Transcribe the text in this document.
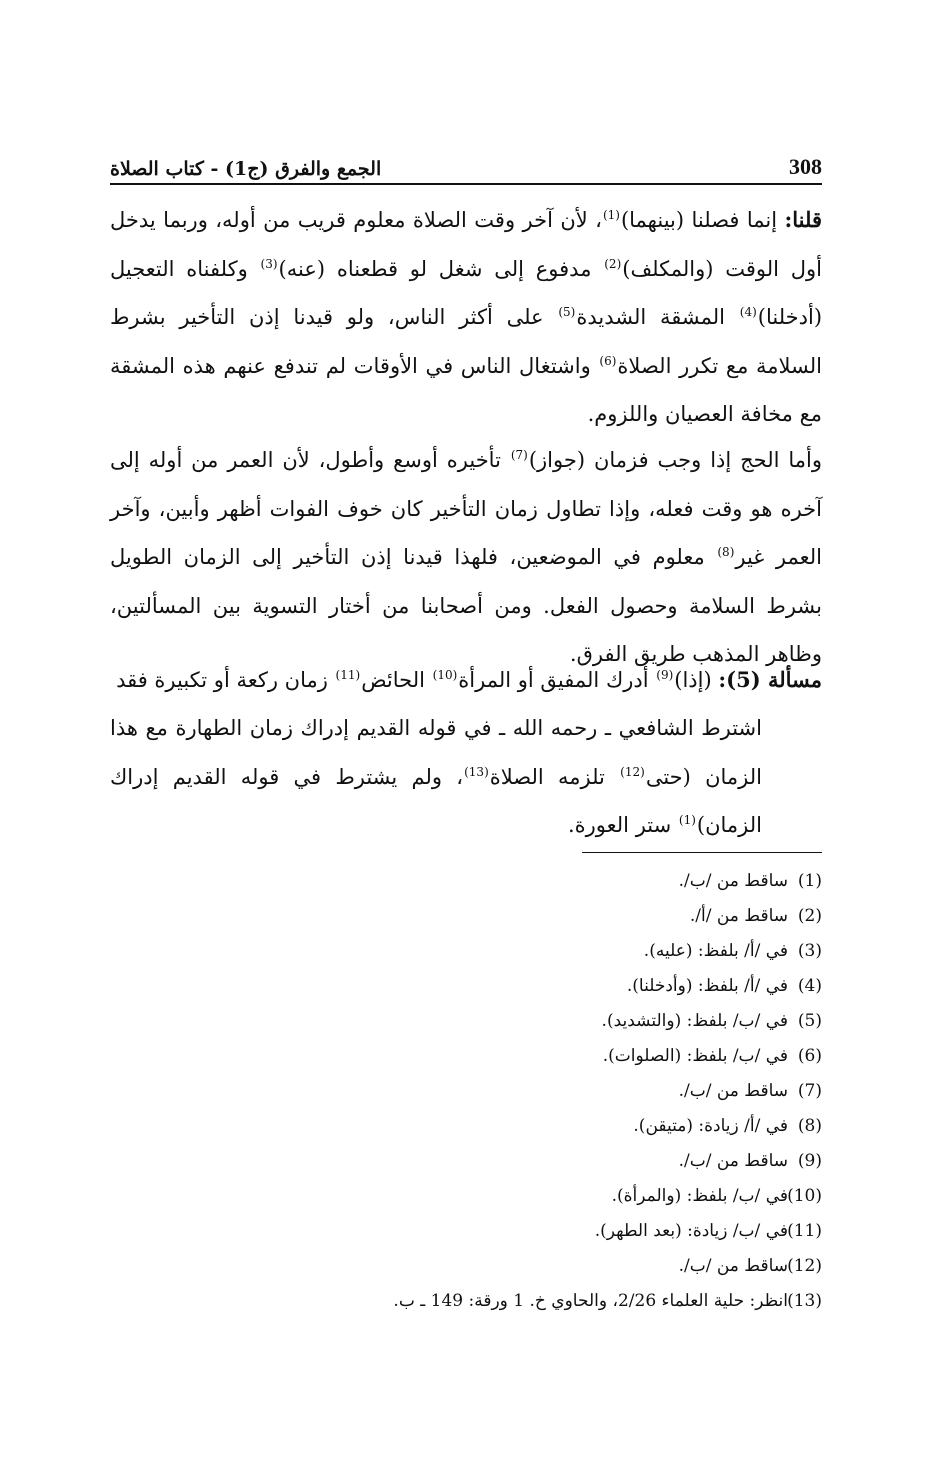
308
الجمع والفرق (ج1) - كتاب الصلاة
قلنا: إنما فصلنا (بينهما)$^{(1)}$، لأن آخر وقت الصلاة معلوم قريب من أوله، وربما يدخل أول الوقت (والمكلف)$^{(2)}$ مدفوع إلى شغل لو قطعناه (عنه)$^{(3)}$ وكلفناه التعجيل (أدخلنا)$^{(4)}$ المشقة الشديدة$^{(5)}$ على أكثر الناس، ولو قيدنا إذن التأخير بشرط السلامة مع تكرر الصلاة$^{(6)}$ واشتغال الناس في الأوقات لم تندفع عنهم هذه المشقة مع مخافة العصيان واللزوم.
وأما الحج إذا وجب فزمان (جواز)$^{(7)}$ تأخيره أوسع وأطول، لأن العمر من أوله إلى آخره هو وقت فعله، وإذا تطاول زمان التأخير كان خوف الفوات أظهر وأبين، وآخر العمر غير$^{(8)}$ معلوم في الموضعين، فلهذا قيدنا إذن التأخير إلى الزمان الطويل بشرط السلامة وحصول الفعل. ومن أصحابنا من أختار التسوية بين المسألتين، وظاهر المذهب طريق الفرق.
مسألة (5): (إذا)$^{(9)}$ أدرك المفيق أو المرأة$^{(10)}$ الحائض$^{(11)}$ زمان ركعة أو تكبيرة فقد
اشترط الشافعي ـ رحمه الله ـ في قوله القديم إدراك زمان الطهارة مع هذا الزمان (حتى$^{(12)}$ تلزمه الصلاة$^{(13)}$، ولم يشترط في قوله القديم إدراك الزمان)$^{(1)}$ ستر العورة.
(1)ساقط من /ب/.
(2)ساقط من /أ/.
(3)في /أ/ بلفظ: (عليه).
(4)في /أ/ بلفظ: (وأدخلنا).
(5)في /ب/ بلفظ: (والتشديد).
(6)في /ب/ بلفظ: (الصلوات).
(7)ساقط من /ب/.
(8)في /أ/ زيادة: (متيقن).
(9)ساقط من /ب/.
(10)في /ب/ بلفظ: (والمرأة).
(11)في /ب/ زيادة: (بعد الطهر).
(12)ساقط من /ب/.
(13)انظر: حلية العلماء 2/26، والحاوي خ. 1 ورقة: 149 ـ ب.
